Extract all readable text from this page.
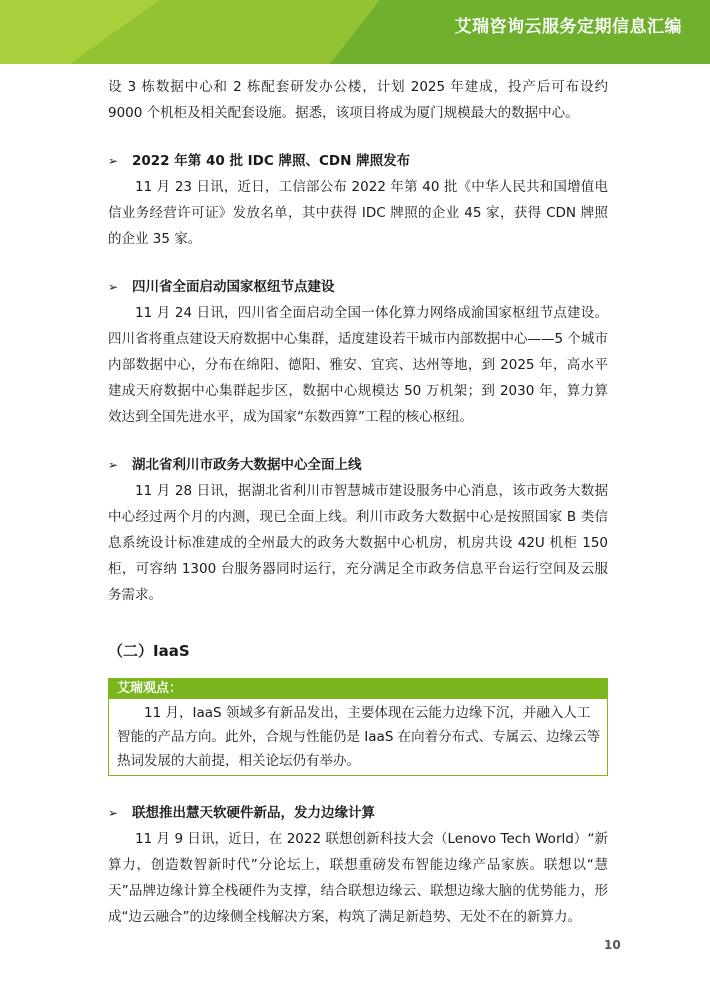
艾瑞咨询云服务定期信息汇编

设 3 栋数据中心和 2 栋配套研发办公楼，计划 2025 年建成，投产后可布设约 9000 个机柜及相关配套设施。据悉，该项目将成为厦门规模最大的数据中心。

➢ 2022 年第 40 批 IDC 牌照、CDN 牌照发布

11 月 23 日讯，近日，工信部公布 2022 年第 40 批《中华人民共和国增值电信业务经营许可证》发放名单，其中获得 IDC 牌照的企业 45 家，获得 CDN 牌照的企业 35 家。

➢ 四川省全面启动国家枢纽节点建设

11 月 24 日讯，四川省全面启动全国一体化算力网络成渝国家枢纽节点建设。四川省将重点建设天府数据中心集群，适度建设若干城市内部数据中心——5 个城市内部数据中心，分布在绵阳、德阳、雅安、宜宾、达州等地，到 2025 年，高水平建成天府数据中心集群起步区，数据中心规模达 50 万机架；到 2030 年，算力算效达到全国先进水平，成为国家“东数西算”工程的核心枢纽。

➢ 湖北省利川市政务大数据中心全面上线

11 月 28 日讯，据湖北省利川市智慧城市建设服务中心消息，该市政务大数据中心经过两个月的内测，现已全面上线。利川市政务大数据中心是按照国家 B 类信息系统设计标准建成的全州最大的政务大数据中心机房，机房共设 42U 机柜 150 柜，可容纳 1300 台服务器同时运行，充分满足全市政务信息平台运行空间及云服务需求。

（二）IaaS

艾瑞观点：
11 月，IaaS 领域多有新品发出，主要体现在云能力边缘下沉，并融入人工智能的产品方向。此外，合规与性能仍是 IaaS 在向着分布式、专属云、边缘云等热词发展的大前提，相关论坛仍有举办。

➢ 联想推出慧天软硬件新品，发力边缘计算

11 月 9 日讯，近日，在 2022 联想创新科技大会（Lenovo Tech World）“新算力，创造数智新时代”分论坛上，联想重磅发布智能边缘产品家族。联想以“慧天”品牌边缘计算全栈硬件为支撑，结合联想边缘云、联想边缘大脑的优势能力，形成“边云融合”的边缘侧全栈解决方案，构筑了满足新趋势、无处不在的新算力。

10
